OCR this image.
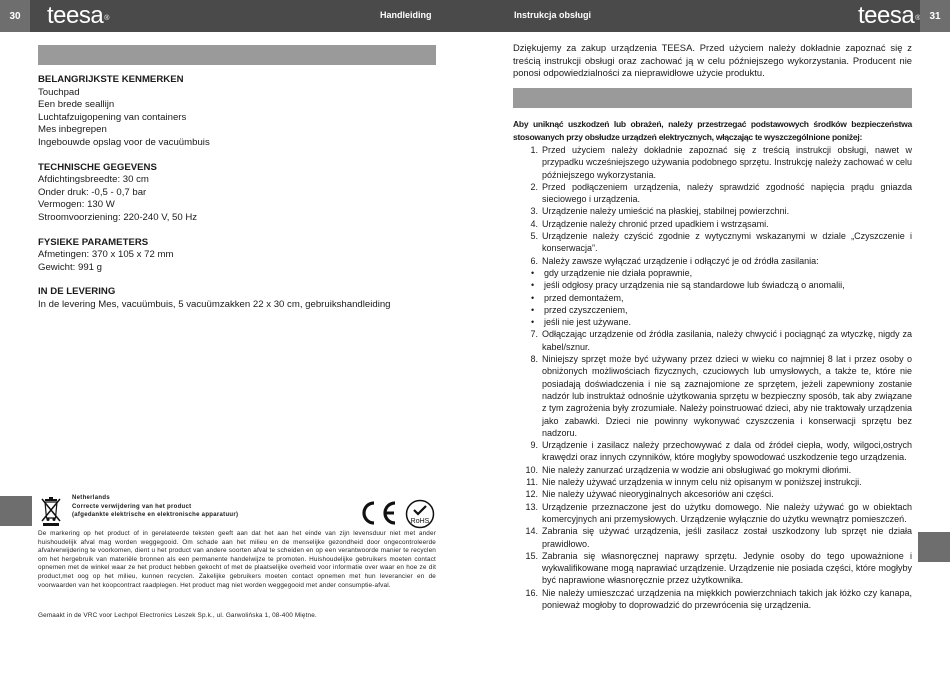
30	teesa®	Handleiding	Instrukcja obsługi	teesa® 31
BELANGRIJKSTE KENMERKEN
Touchpad
Een brede seallijn
Luchtafzuigopening van containers
Mes inbegrepen
Ingebouwde opslag voor de vacuümbuis
TECHNISCHE GEGEVENS
Afdichtingsbreedte: 30 cm
Onder druk: -0,5 - 0,7 bar
Vermogen: 130 W
Stroomvoorziening: 220-240 V, 50 Hz
FYSIEKE PARAMETERS
Afmetingen: 370 x 105 x 72 mm
Gewicht: 991 g
IN DE LEVERING
In de levering Mes, vacuümbuis, 5 vacuümzakken 22 x 30 cm, gebruikshandleiding
Netherlands
Correcte verwijdering van het product
(afgedankte elektrische en elektronische apparatuur)
RoHS
De markering op het product of in gerelateerde teksten geeft aan dat het aan het einde van zijn levensduur niet met ander huishoudelijk afval mag worden weggegooid. Om schade aan het milieu en de menselijke gezondheid door ongecontroleerde afvalverwijdering te voorkomen, dient u het product van andere soorten afval te scheiden en op een verantwoorde manier te recyclen om het hergebruik van materiële bronnen als een permanente handelwijze te promoten. Huishoudelijke gebruikers moeten contact opnemen met de winkel waar ze het product hebben gekocht of met de plaatselijke overheid voor informatie over waar en hoe ze dit product,met oog op het milieu, kunnen recyclen. Zakelijke gebruikers moeten contact opnemen met hun leverancier en de voorwaarden van het koopcontract raadplegen. Het product mag niet worden weggegooid met ander consumptie-afval.
Gemaakt in de VRC voor Lechpol Electronics Leszek Sp.k., ul. Garwolińska 1, 08-400 Miętne.
Dziękujemy za zakup urządzenia TEESA. Przed użyciem należy dokładnie zapoznać się z treścią instrukcji obsługi oraz zachować ją w celu późniejszego wykorzystania. Producent nie ponosi odpowiedzialności za nieprawidłowe użycie produktu.
Aby uniknąć uszkodzeń lub obrażeń, należy przestrzegać podstawowych środków bezpieczeństwa stosowanych przy obsłudze urządzeń elektrycznych, włączając te wyszczególnione poniżej:
1. Przed użyciem należy dokładnie zapoznać się z treścią instrukcji obsługi, nawet w przypadku wcześniejszego używania podobnego sprzętu. Instrukcję należy zachować w celu późniejszego wykorzystania.
2. Przed podłączeniem urządzenia, należy sprawdzić zgodność napięcia prądu gniazda sieciowego i urządzenia.
3. Urządzenie należy umieścić na płaskiej, stabilnej powierzchni.
4. Urządzenie należy chronić przed upadkiem i wstrząsami.
5. Urządzenie należy czyścić zgodnie z wytycznymi wskazanymi w dziale „Czyszczenie i konserwacja”.
6. Należy zawsze wyłączać urządzenie i odłączyć je od źródła zasilania:
•	gdy urządzenie nie działa poprawnie,
•	jeśli odgłosy pracy urządzenia nie są standardowe lub świadczą o anomalii,
•	przed demontażem,
•	przed czyszczeniem,
•	jeśli nie jest używane.
7. Odłączając urządzenie od źródła zasilania, należy chwycić i pociągnąć za wtyczkę, nigdy za kabel/sznur.
8. Niniejszy sprzęt może być używany przez dzieci w wieku co najmniej 8 lat i przez osoby o obniżonych możliwościach fizycznych, czuciowych lub umysłowych, a także te, które nie posiadają doświadczenia i nie są zaznajomione ze sprzętem, jeżeli zapewniony zostanie nadzór lub instruktaż odnośnie użytkowania sprzętu w bezpieczny sposób, tak aby związane z tym zagrożenia były zrozumiałe. Należy poinstruować dzieci, aby nie traktowały urządzenia jako zabawki. Dzieci nie powinny wykonywać czyszczenia i konserwacji sprzętu bez nadzoru.
9. Urządzenie i zasilacz należy przechowywać z dala od źródeł ciepła, wody, wilgoci,ostrych krawędzi oraz innych czynników, które mogłyby spowodować uszkodzenie tego urządzenia.
10. Nie należy zanurzać urządzenia w wodzie ani obsługiwać go mokrymi dłońmi.
11. Nie należy używać urządzenia w innym celu niż opisanym w poniższej instrukcji.
12. Nie należy używać nieoryginalnych akcesoriów ani części.
13. Urządzenie przeznaczone jest do użytku domowego. Nie należy używać go w obiektach komercyjnych ani przemysłowych. Urządzenie wyłącznie do użytku wewnątrz pomieszczeń.
14. Zabrania się używać urządzenia, jeśli zasilacz został uszkodzony lub sprzęt nie działa prawidłowo.
15. Zabrania się własnoręcznej naprawy sprzętu. Jedynie osoby do tego upoważnione i wykwalifikowane mogą naprawiać urządzenie. Urządzenie nie posiada części, które mogłyby być naprawione własnoręcznie przez użytkownika.
16. Nie należy umieszczać urządzenia na miękkich powierzchniach takich jak łóżko czy kanapa, ponieważ mogłoby to doprowadzić do przewrócenia się urządzenia.
